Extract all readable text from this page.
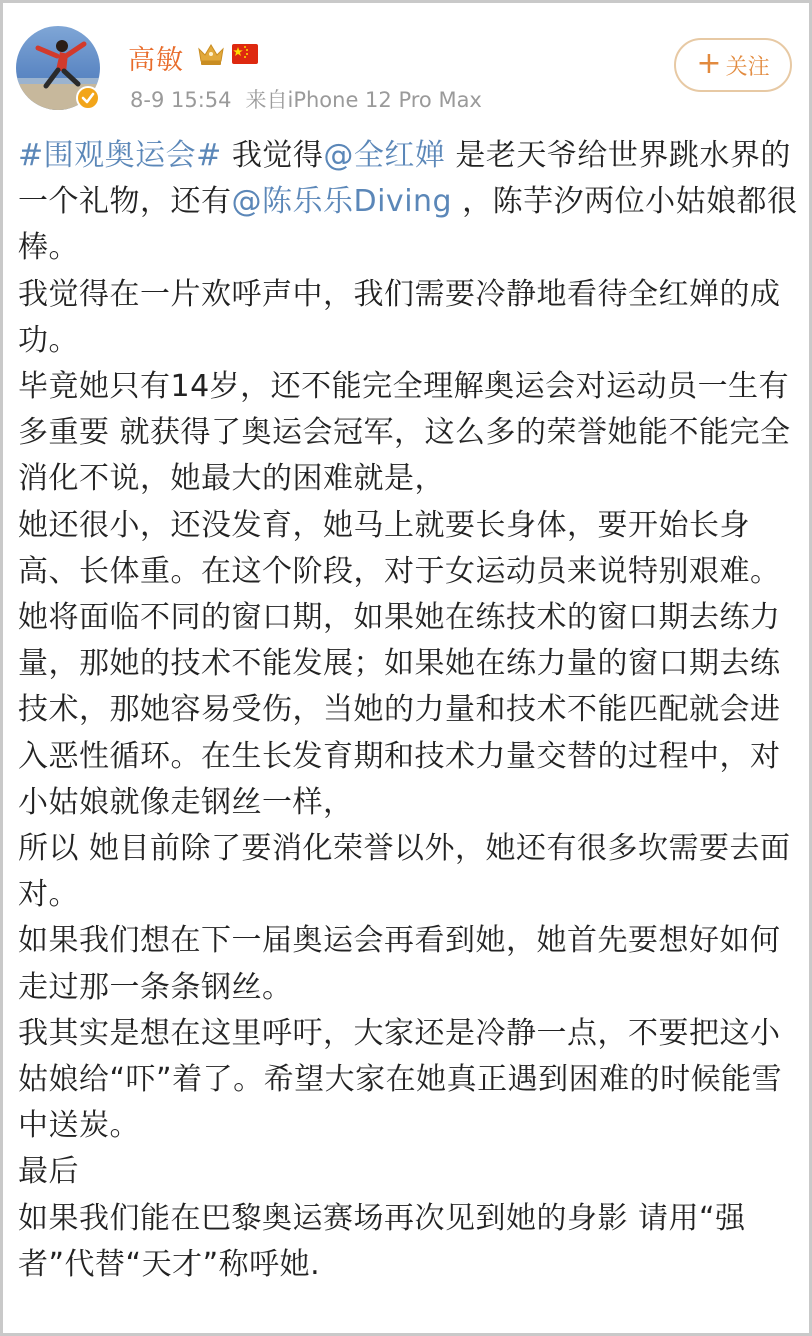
高敏
8-9 15:54 来自iPhone 12 Pro Max
+ 关注

#围观奥运会# 我觉得@全红婵 是老天爷给世界跳水界的一个礼物，还有@陈乐乐Diving ，陈芋汐两位小姑娘都很棒。

我觉得在一片欢呼声中，我们需要冷静地看待全红婵的成功。

毕竟她只有14岁，还不能完全理解奥运会对运动员一生有多重要 就获得了奥运会冠军，这么多的荣誉她能不能完全消化不说，她最大的困难就是，

她还很小，还没发育，她马上就要长身体，要开始长身高、长体重。在这个阶段，对于女运动员来说特别艰难。

她将面临不同的窗口期，如果她在练技术的窗口期去练力量，那她的技术不能发展；如果她在练力量的窗口期去练技术，那她容易受伤，当她的力量和技术不能匹配就会进入恶性循环。在生长发育期和技术力量交替的过程中，对小姑娘就像走钢丝一样，

所以 她目前除了要消化荣誉以外，她还有很多坎需要去面对。

如果我们想在下一届奥运会再看到她，她首先要想好如何走过那一条条钢丝。

我其实是想在这里呼吁，大家还是冷静一点，不要把这小姑娘给“吓”着了。希望大家在她真正遇到困难的时候能雪中送炭。

最后

如果我们能在巴黎奥运赛场再次见到她的身影 请用“强者”代替“天才”称呼她.
